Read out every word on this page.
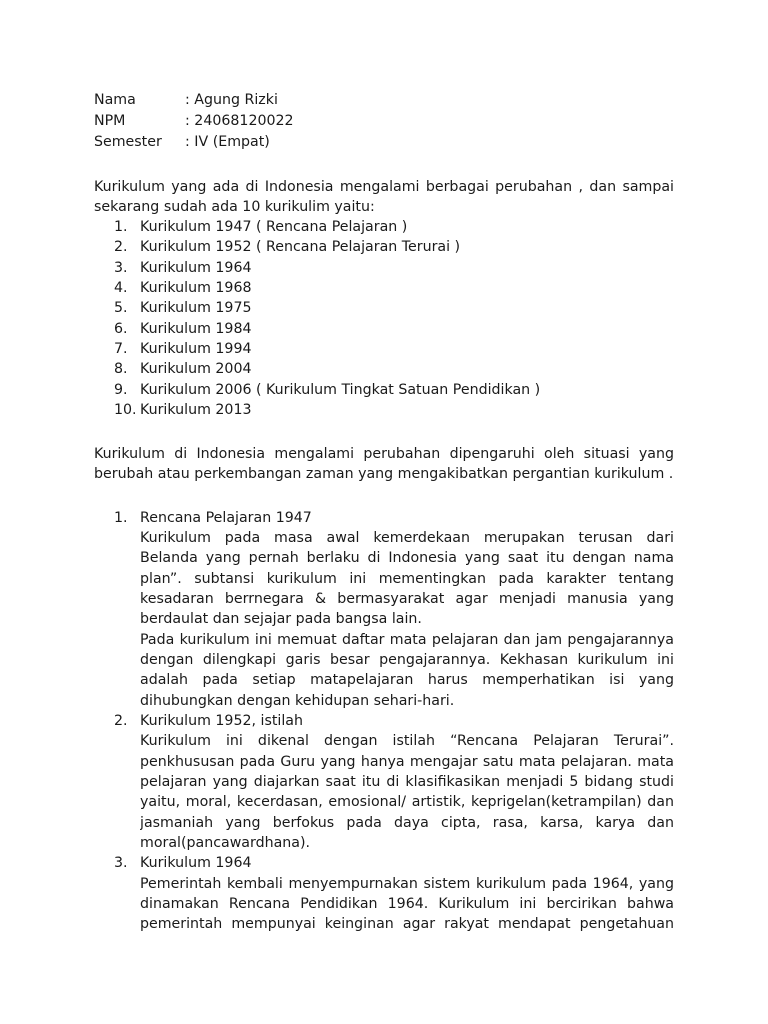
Nama	: Agung Rizki
NPM	: 24068120022
Semester : IV (Empat)
Kurikulum yang ada di Indonesia mengalami berbagai perubahan , dan sampai
sekarang sudah ada 10 kurikulim yaitu:
1. Kurikulum 1947 ( Rencana Pelajaran )
2. Kurikulum 1952 ( Rencana Pelajaran Terurai )
3. Kurikulum 1964
4. Kurikulum 1968
5. Kurikulum 1975
6. Kurikulum 1984
7. Kurikulum 1994
8. Kurikulum 2004
9. Kurikulum 2006 ( Kurikulum Tingkat Satuan Pendidikan )
10. Kurikulum 2013
Kurikulum di Indonesia mengalami perubahan dipengaruhi oleh situasi yang
berubah atau perkembangan zaman yang mengakibatkan pergantian kurikulum .
1. Rencana Pelajaran 1947
Kurikulum pada masa awal kemerdekaan merupakan terusan dari
Belanda yang pernah berlaku di Indonesia yang saat itu dengan nama
plan”. subtansi kurikulum ini mementingkan pada karakter tentang
kesadaran berrnegara & bermasyarakat agar menjadi manusia yang
berdaulat dan sejajar pada bangsa lain.
Pada kurikulum ini memuat daftar mata pelajaran dan jam pengajarannya
dengan dilengkapi garis besar pengajarannya. Kekhasan kurikulum ini
adalah pada setiap matapelajaran harus memperhatikan isi yang
dihubungkan dengan kehidupan sehari-hari.
2. Kurikulum 1952, istilah
Kurikulum ini dikenal dengan istilah “Rencana Pelajaran Terurai”.
penkhususan pada Guru yang hanya mengajar satu mata pelajaran. mata
pelajaran yang diajarkan saat itu di klasifikasikan menjadi 5 bidang studi
yaitu, moral, kecerdasan, emosional/ artistik, keprigelan(ketrampilan) dan
jasmaniah yang berfokus pada daya cipta, rasa, karsa, karya dan
moral(pancawardhana).
3. Kurikulum 1964
Pemerintah kembali menyempurnakan sistem kurikulum pada 1964, yang
dinamakan Rencana Pendidikan 1964. Kurikulum ini bercirikan bahwa
pemerintah mempunyai keinginan agar rakyat mendapat pengetahuan
